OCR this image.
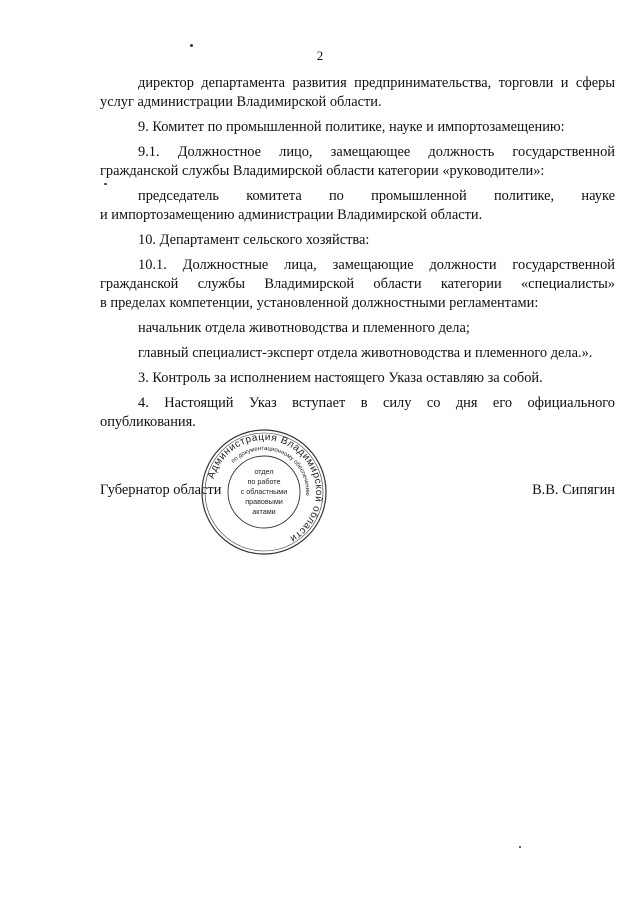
2

директор департамента развития предпринимательства, торговли и сферы услуг администрации Владимирской области.

9. Комитет по промышленной политике, науке и импортозамещению:

9.1. Должностное лицо, замещающее должность государственной
гражданской службы Владимирской области категории «руководители»:
председатель комитета по промышленной политике, науке
и импортозамещению администрации Владимирской области.

10. Департамент сельского хозяйства:

10.1. Должностные лица, замещающие должности государственной
гражданской службы Владимирской области категории «специалисты»
в пределах компетенции, установленной должностными регламентами:

начальник отдела животноводства и племенного дела;

главный специалист-эксперт отдела животноводства и племенного дела.».

3. Контроль за исполнением настоящего Указа оставляю за собой.

4. Настоящий Указ вступает в силу со дня его официального
опубликования.
Губернатор области	В.В. Сипягин
Администрация Владимирской области
по документационному обеспечению
отдел
по работе
с областными
правовыми
актами
